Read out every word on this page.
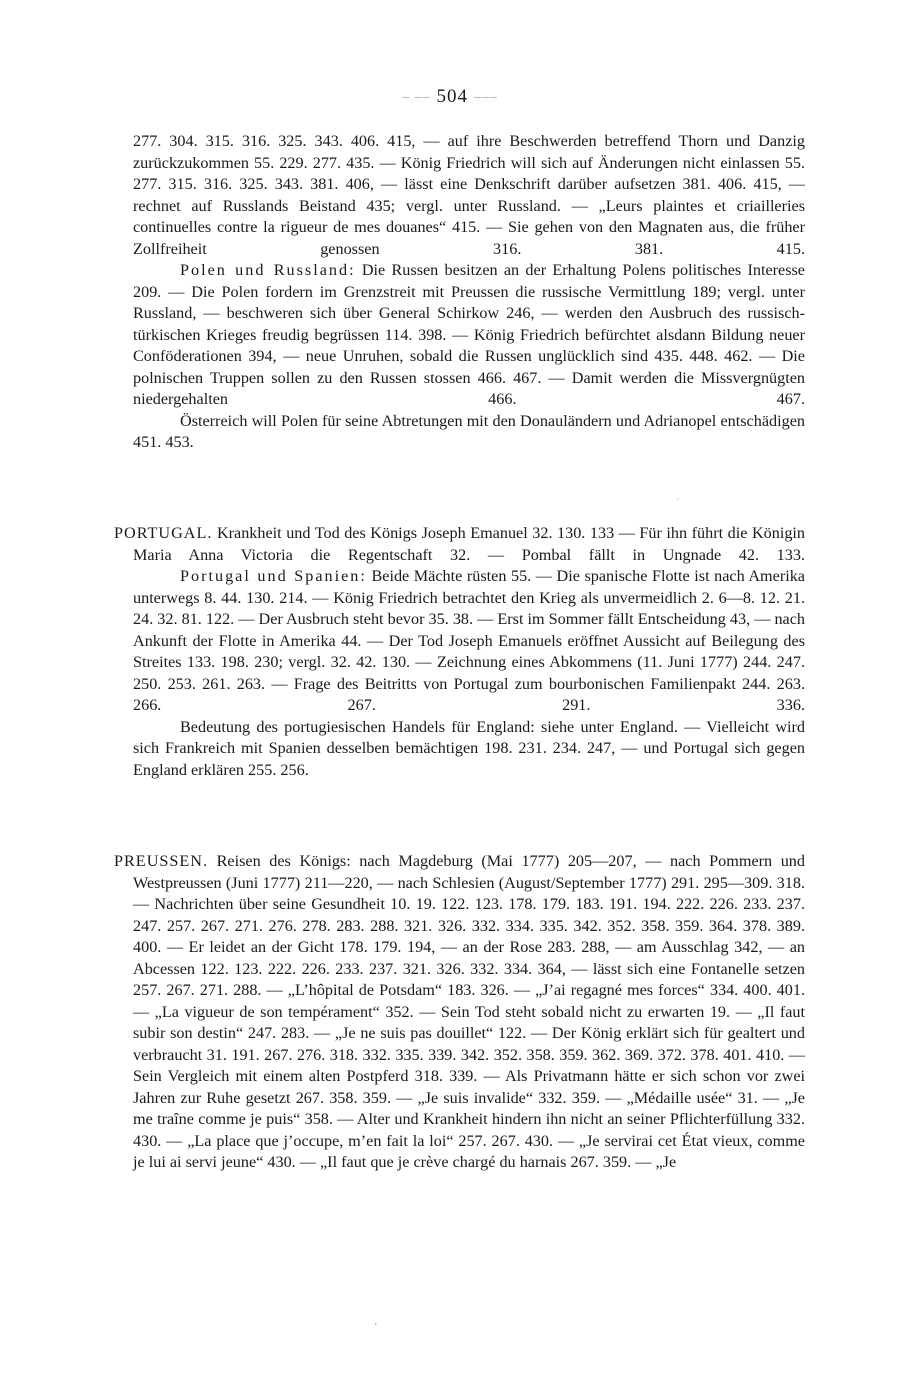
– –– 504 –––

277. 304. 315. 316. 325. 343. 406. 415, — auf ihre Beschwerden betreffend Thorn und Danzig zurückzukommen 55. 229. 277. 435. — König Friedrich will sich auf Änderungen nicht einlassen 55. 277. 315. 316. 325. 343. 381. 406, — lässt eine Denkschrift darüber aufsetzen 381. 406. 415, — rechnet auf Russlands Beistand 435; vergl. unter Russland. — „Leurs plaintes et criailleries continuelles contre la rigueur de mes douanes“ 415. — Sie gehen von den Magnaten aus, die früher Zollfreiheit genossen 316. 381. 415.

Polen und Russland: Die Russen besitzen an der Erhaltung Polens politisches Interesse 209. — Die Polen fordern im Grenzstreit mit Preussen die russische Vermittlung 189; vergl. unter Russland, — beschweren sich über General Schirkow 246, — werden den Ausbruch des russisch-türkischen Krieges freudig begrüssen 114. 398. — König Friedrich befürchtet alsdann Bildung neuer Conföderationen 394, — neue Unruhen, sobald die Russen unglücklich sind 435. 448. 462. — Die polnischen Truppen sollen zu den Russen stossen 466. 467. — Damit werden die Missvergnügten niedergehalten 466. 467.

Österreich will Polen für seine Abtretungen mit den Donauländern und Adrianopel entschädigen 451. 453.

´

PORTUGAL. Krankheit und Tod des Königs Joseph Emanuel 32. 130. 133 — Für ihn führt die Königin Maria Anna Victoria die Regentschaft 32. — Pombal fällt in Ungnade 42. 133.

Portugal und Spanien: Beide Mächte rüsten 55. — Die spanische Flotte ist nach Amerika unterwegs 8. 44. 130. 214. — König Friedrich betrachtet den Krieg als unvermeidlich 2. 6—8. 12. 21. 24. 32. 81. 122. — Der Ausbruch steht bevor 35. 38. — Erst im Sommer fällt Entscheidung 43, — nach Ankunft der Flotte in Amerika 44. — Der Tod Joseph Emanuels eröffnet Aussicht auf Beilegung des Streites 133. 198. 230; vergl. 32. 42. 130. — Zeichnung eines Abkommens (11. Juni 1777) 244. 247. 250. 253. 261. 263. — Frage des Beitritts von Portugal zum bourbonischen Familienpakt 244. 263. 266. 267. 291. 336.

Bedeutung des portugiesischen Handels für England: siehe unter England. — Vielleicht wird sich Frankreich mit Spanien desselben bemächtigen 198. 231. 234. 247, — und Portugal sich gegen England erklären 255. 256.

PREUSSEN. Reisen des Königs: nach Magdeburg (Mai 1777) 205—207, — nach Pommern und Westpreussen (Juni 1777) 211—220, — nach Schlesien (August/September 1777) 291. 295—309. 318. — Nachrichten über seine Gesundheit 10. 19. 122. 123. 178. 179. 183. 191. 194. 222. 226. 233. 237. 247. 257. 267. 271. 276. 278. 283. 288. 321. 326. 332. 334. 335. 342. 352. 358. 359. 364. 378. 389. 400. — Er leidet an der Gicht 178. 179. 194, — an der Rose 283. 288, — am Ausschlag 342, — an Abcessen 122. 123. 222. 226. 233. 237. 321. 326. 332. 334. 364, — lässt sich eine Fontanelle setzen 257. 267. 271. 288. — „L’hôpital de Potsdam“ 183. 326. — „J’ai regagné mes forces“ 334. 400. 401. — „La vigueur de son tempérament“ 352. — Sein Tod steht sobald nicht zu erwarten 19. — „Il faut subir son destin“ 247. 283. — „Je ne suis pas douillet“ 122. — Der König erklärt sich für gealtert und verbraucht 31. 191. 267. 276. 318. 332. 335. 339. 342. 352. 358. 359. 362. 369. 372. 378. 401. 410. — Sein Vergleich mit einem alten Postpferd 318. 339. — Als Privatmann hätte er sich schon vor zwei Jahren zur Ruhe gesetzt 267. 358. 359. — „Je suis invalide“ 332. 359. — „Médaille usée“ 31. — „Je me traîne comme je puis“ 358. — Alter und Krankheit hindern ihn nicht an seiner Pflichterfüllung 332. 430. — „La place que j’occupe, m’en fait la loi“ 257. 267. 430. — „Je servirai cet État vieux, comme je lui ai servi jeune“ 430. — „Il faut que je crève chargé du harnais 267. 359. — „Je

ʼ
